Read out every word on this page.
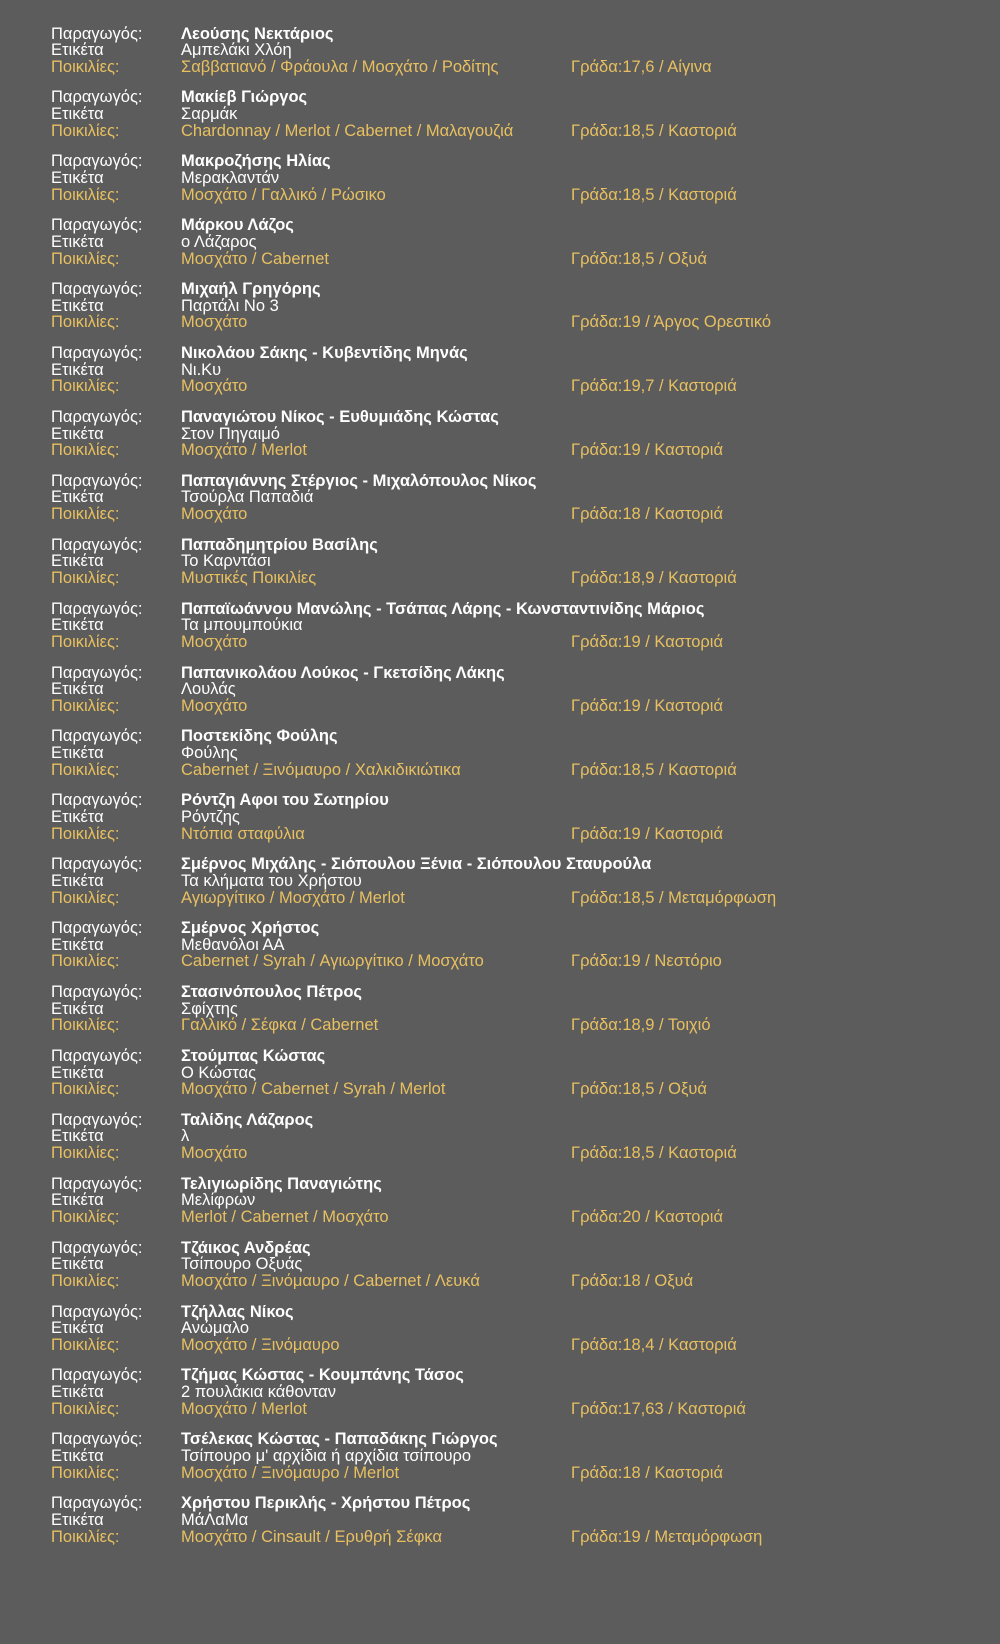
Παραγωγός: Λεούσης Νεκτάριος
Ετικέτα	Αμπελάκι Χλόη
Ποικιλίες:	Σαββατιανό / Φράουλα / Μοσχάτο / Ροδίτης	Γράδα:17,6 / Αίγινα
Παραγωγός: Μακίεβ Γιώργος
Ετικέτα	Σαρμάκ
Ποικιλίες:	Chardonnay / Merlot / Cabernet / Μαλαγουζιά	Γράδα:18,5 / Καστοριά
Παραγωγός: Μακροζήσης Ηλίας
Ετικέτα	Μερακλαντάν
Ποικιλίες:	Μοσχάτο / Γαλλικό / Ρώσικο	Γράδα:18,5 / Καστοριά
Παραγωγός: Μάρκου Λάζος
Ετικέτα	ο Λάζαρος
Ποικιλίες:	Μοσχάτο / Cabernet	Γράδα:18,5 / Οξυά
Παραγωγός: Μιχαήλ Γρηγόρης
Ετικέτα	Παρτάλι Νο 3
Ποικιλίες:	Μοσχάτο	Γράδα:19 / Άργος Ορεστικό
Παραγωγός: Νικολάου Σάκης - Κυβεντίδης Μηνάς
Ετικέτα	Νι.Κυ
Ποικιλίες:	Μοσχάτο	Γράδα:19,7 / Καστοριά
Παραγωγός: Παναγιώτου Νίκος - Ευθυμιάδης Κώστας
Ετικέτα	Στον Πηγαιμό
Ποικιλίες:	Μοσχάτο / Merlot	Γράδα:19 / Καστοριά
Παραγωγός: Παπαγιάννης Στέργιος - Μιχαλόπουλος Νίκος
Ετικέτα	Τσούρλα Παπαδιά
Ποικιλίες:	Μοσχάτο	Γράδα:18 / Καστοριά
Παραγωγός: Παπαδημητρίου Βασίλης
Ετικέτα	Το Καρντάσι
Ποικιλίες:	Μυστικές Ποικιλίες	Γράδα:18,9 / Καστοριά
Παραγωγός: Παπαϊωάννου Μανώλης - Τσάπας Λάρης - Κωνσταντινίδης Μάριος
Ετικέτα	Τα μπουμπούκια
Ποικιλίες:	Μοσχάτο	Γράδα:19 / Καστοριά
Παραγωγός: Παπανικολάου Λούκος - Γκετσίδης Λάκης
Ετικέτα	Λουλάς
Ποικιλίες:	Μοσχάτο	Γράδα:19 / Καστοριά
Παραγωγός: Ποστεκίδης Φούλης
Ετικέτα	Φούλης
Ποικιλίες:	Cabernet / Ξινόμαυρο / Χαλκιδικιώτικα	Γράδα:18,5 / Καστοριά
Παραγωγός: Ρόντζη Αφοι του Σωτηρίου
Ετικέτα	Ρόντζης
Ποικιλίες:	Ντόπια σταφύλια	Γράδα:19 / Καστοριά
Παραγωγός: Σμέρνος Μιχάλης - Σιόπουλου Ξένια - Σιόπουλου Σταυρούλα
Ετικέτα	Τα κλήματα του Χρήστου
Ποικιλίες:	Αγιωργίτικο / Μοσχάτο / Merlot	Γράδα:18,5 / Μεταμόρφωση
Παραγωγός: Σμέρνος Χρήστος
Ετικέτα	Μεθανόλοι ΑΑ
Ποικιλίες:	Cabernet / Syrah / Αγιωργίτικο / Μοσχάτο	Γράδα:19 / Νεστόριο
Παραγωγός: Στασινόπουλος Πέτρος
Ετικέτα	Σφίχτης
Ποικιλίες:	Γαλλικό / Σέφκα / Cabernet	Γράδα:18,9 / Τοιχιό
Παραγωγός: Στούμπας Κώστας
Ετικέτα	Ο Κώστας
Ποικιλίες:	Μοσχάτο / Cabernet / Syrah / Merlot	Γράδα:18,5 / Οξυά
Παραγωγός: Ταλίδης Λάζαρος
Ετικέτα	λ
Ποικιλίες:	Μοσχάτο	Γράδα:18,5 / Καστοριά
Παραγωγός: Τελιγιωρίδης Παναγιώτης
Ετικέτα	Μελίφρων
Ποικιλίες:	Merlot / Cabernet / Μοσχάτο	Γράδα:20 / Καστοριά
Παραγωγός: Τζάικος Ανδρέας
Ετικέτα	Τσίπουρο Οξυάς
Ποικιλίες:	Μοσχάτο / Ξινόμαυρο / Cabernet / Λευκά	Γράδα:18 / Οξυά
Παραγωγός: Τζήλλας Νίκος
Ετικέτα	Ανώμαλο
Ποικιλίες:	Μοσχάτο / Ξινόμαυρο	Γράδα:18,4 / Καστοριά
Παραγωγός: Τζήμας Κώστας - Κουμπάνης Τάσος
Ετικέτα	2 πουλάκια κάθονταν
Ποικιλίες:	Μοσχάτο / Merlot	Γράδα:17,63 / Καστοριά
Παραγωγός: Τσέλεκας Κώστας - Παπαδάκης Γιώργος
Ετικέτα	Τσίπουρο μ' αρχίδια ή αρχίδια τσίπουρο
Ποικιλίες:	Μοσχάτο / Ξινόμαυρο / Merlot	Γράδα:18 / Καστοριά
Παραγωγός: Χρήστου Περικλής - Χρήστου Πέτρος
Ετικέτα	ΜάΛαΜα
Ποικιλίες:	Μοσχάτο / Cinsault / Ερυθρή Σέφκα	Γράδα:19 / Μεταμόρφωση
